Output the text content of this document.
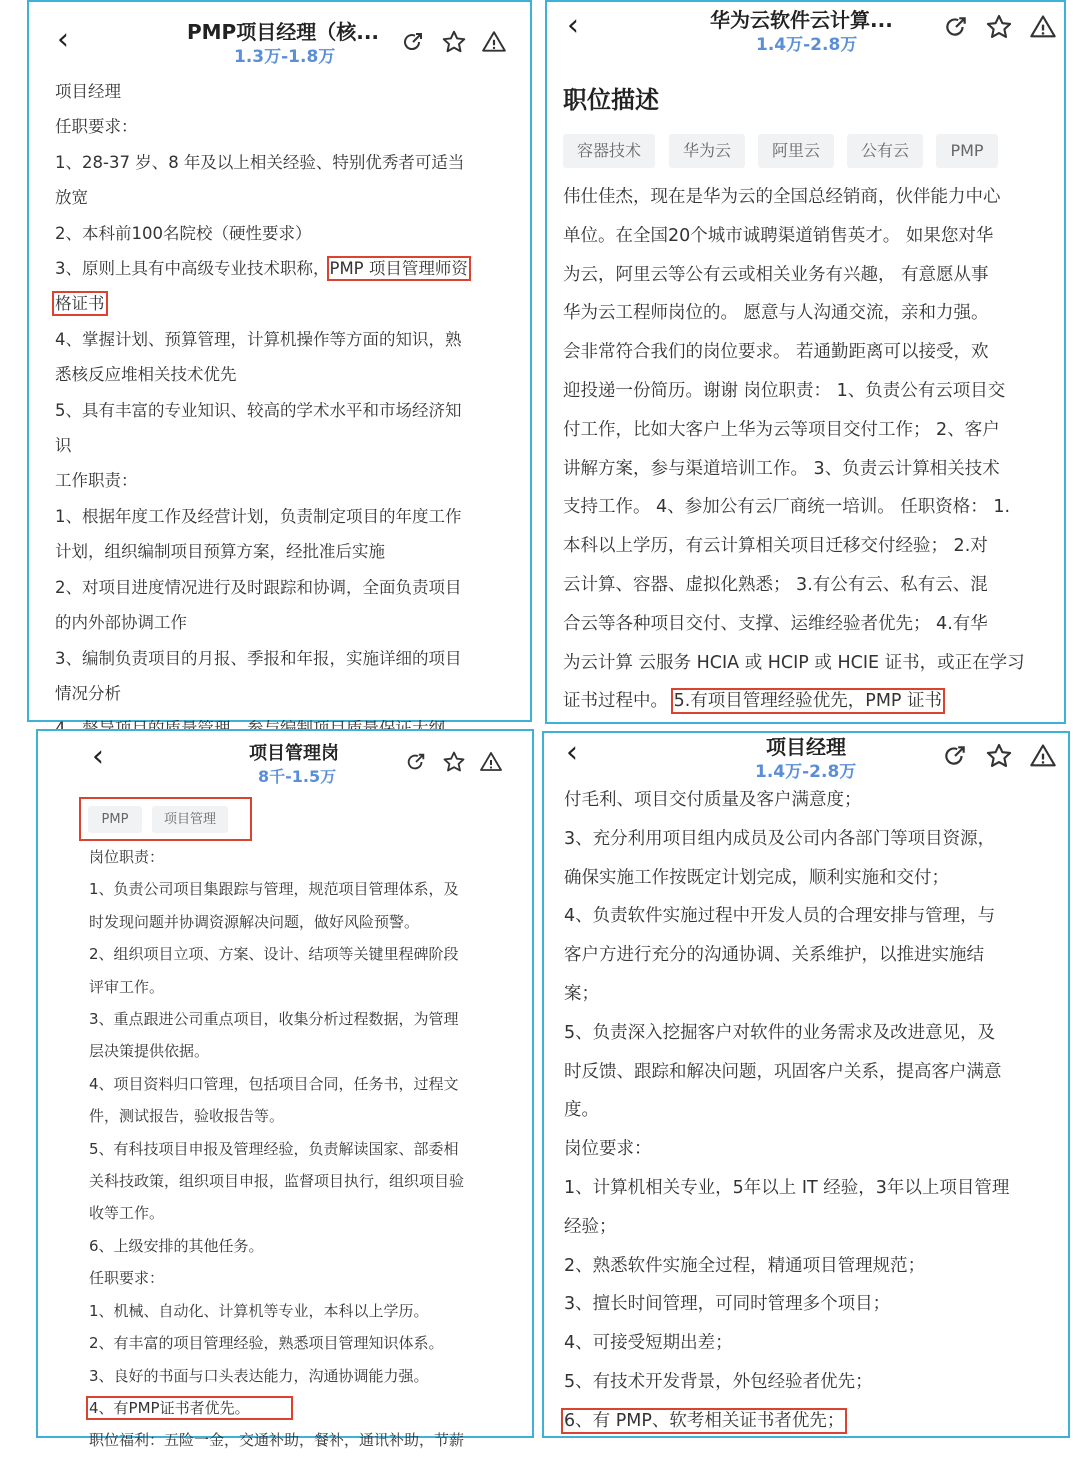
‹	PMP项目经理（核...
1.3万-1.8万
项目经理
任职要求：
1、28-37 岁、8 年及以上相关经验、特别优秀者可适当
放宽
2、本科前100名院校（硬性要求）
3、原则上具有中高级专业技术职称，PMP 项目管理师资
格证书
4、掌握计划、预算管理，计算机操作等方面的知识，熟
悉核反应堆相关技术优先
5、具有丰富的专业知识、较高的学术水平和市场经济知
识
工作职责：
1、根据年度工作及经营计划，负责制定项目的年度工作
计划，组织编制项目预算方案，经批准后实施
2、对项目进度情况进行及时跟踪和协调，全面负责项目
的内外部协调工作
3、编制负责项目的月报、季报和年报，实施详细的项目
情况分析
‹	华为云软件云计算...
1.4万-2.8万
职位描述
容器技术	华为云	阿里云	公有云	PMP
伟仕佳杰，现在是华为云的全国总经销商，伙伴能力中心
单位。在全国20个城市诚聘渠道销售英才。 如果您对华
为云，阿里云等公有云或相关业务有兴趣， 有意愿从事
华为云工程师岗位的。 愿意与人沟通交流，亲和力强。
会非常符合我们的岗位要求。 若通勤距离可以接受，欢
迎投递一份简历。谢谢 岗位职责： 1、负责公有云项目交
付工作，比如大客户上华为云等项目交付工作； 2、客户
讲解方案，参与渠道培训工作。 3、负责云计算相关技术
支持工作。 4、参加公有云厂商统一培训。 任职资格： 1.
本科以上学历，有云计算相关项目迁移交付经验； 2.对
云计算、容器、虚拟化熟悉； 3.有公有云、私有云、混
合云等各种项目交付、支撑、运维经验者优先； 4.有华
为云计算 云服务 HCIA 或 HCIP 或 HCIE 证书，或正在学习
证书过程中。 5.有项目管理经验优先，PMP 证书
‹	项目管理岗
8千-1.5万
PMP	项目管理
岗位职责：
1、负责公司项目集跟踪与管理，规范项目管理体系，及
时发现问题并协调资源解决问题，做好风险预警。
2、组织项目立项、方案、设计、结项等关键里程碑阶段
评审工作。
3、重点跟进公司重点项目，收集分析过程数据，为管理
层决策提供依据。
4、项目资料归口管理，包括项目合同，任务书，过程文
件，测试报告，验收报告等。
5、有科技项目申报及管理经验，负责解读国家、部委相
关科技政策，组织项目申报，监督项目执行，组织项目验
收等工作。
6、上级安排的其他任务。
任职要求：
1、机械、自动化、计算机等专业，本科以上学历。
2、有丰富的项目管理经验，熟悉项目管理知识体系。
3、良好的书面与口头表达能力，沟通协调能力强。
4、有PMP证书者优先。
职位福利：五险一金，交通补助，餐补，通讯补助，节薪
‹	项目经理
1.4万-2.8万
付毛利、项目交付质量及客户满意度；
3、充分利用项目组内成员及公司内各部门等项目资源，
确保实施工作按既定计划完成，顺利实施和交付；
4、负责软件实施过程中开发人员的合理安排与管理，与
客户方进行充分的沟通协调、关系维护，以推进实施结
案；
5、负责深入挖掘客户对软件的业务需求及改进意见，及
时反馈、跟踪和解决问题，巩固客户关系，提高客户满意
度。
岗位要求：
1、计算机相关专业，5年以上 IT 经验，3年以上项目管理
经验；
2、熟悉软件实施全过程，精通项目管理规范；
3、擅长时间管理，可同时管理多个项目；
4、可接受短期出差；
5、有技术开发背景，外包经验者优先；
6、有 PMP、软考相关证书者优先；
